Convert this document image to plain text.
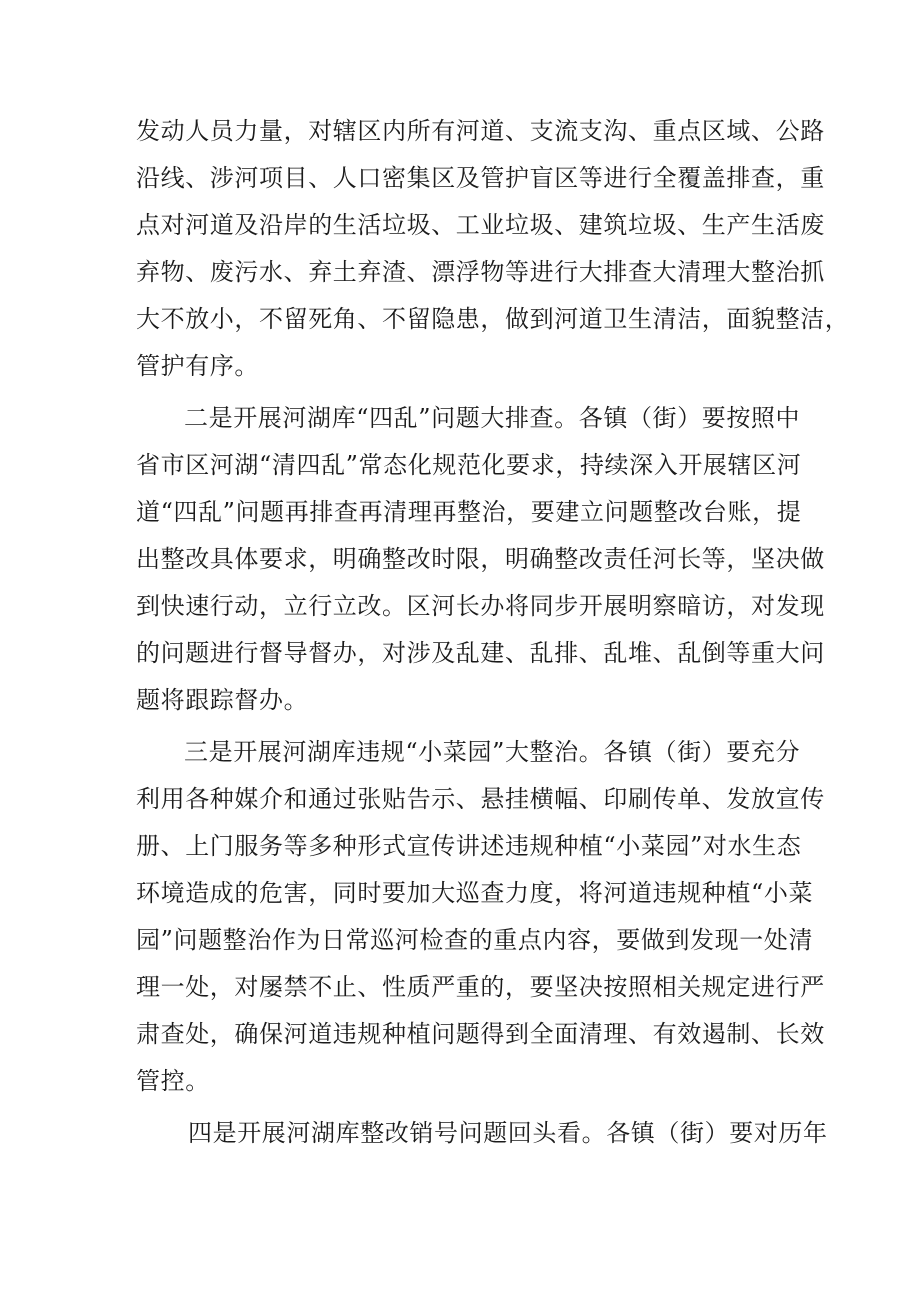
发动人员力量，对辖区内所有河道、支流支沟、重点区域、公路
沿线、涉河项目、人口密集区及管护盲区等进行全覆盖排查，重
点对河道及沿岸的生活垃圾、工业垃圾、建筑垃圾、生产生活废
弃物、废污水、弃土弃渣、漂浮物等进行大排查大清理大整治抓
大不放小，不留死角、不留隐患，做到河道卫生清洁，面貌整洁，
管护有序。
二是开展河湖库“四乱”问题大排查。各镇（街）要按照中
省市区河湖“清四乱”常态化规范化要求，持续深入开展辖区河
道“四乱”问题再排查再清理再整治，要建立问题整改台账，提
出整改具体要求，明确整改时限，明确整改责任河长等，坚决做
到快速行动，立行立改。区河长办将同步开展明察暗访，对发现
的问题进行督导督办，对涉及乱建、乱排、乱堆、乱倒等重大问
题将跟踪督办。
三是开展河湖库违规“小菜园”大整治。各镇（街）要充分
利用各种媒介和通过张贴告示、悬挂横幅、印刷传单、发放宣传
册、上门服务等多种形式宣传讲述违规种植“小菜园”对水生态
环境造成的危害，同时要加大巡查力度，将河道违规种植“小菜
园”问题整治作为日常巡河检查的重点内容，要做到发现一处清
理一处，对屡禁不止、性质严重的，要坚决按照相关规定进行严
肃查处，确保河道违规种植问题得到全面清理、有效遏制、长效
管控。
四是开展河湖库整改销号问题回头看。各镇（街）要对历年
